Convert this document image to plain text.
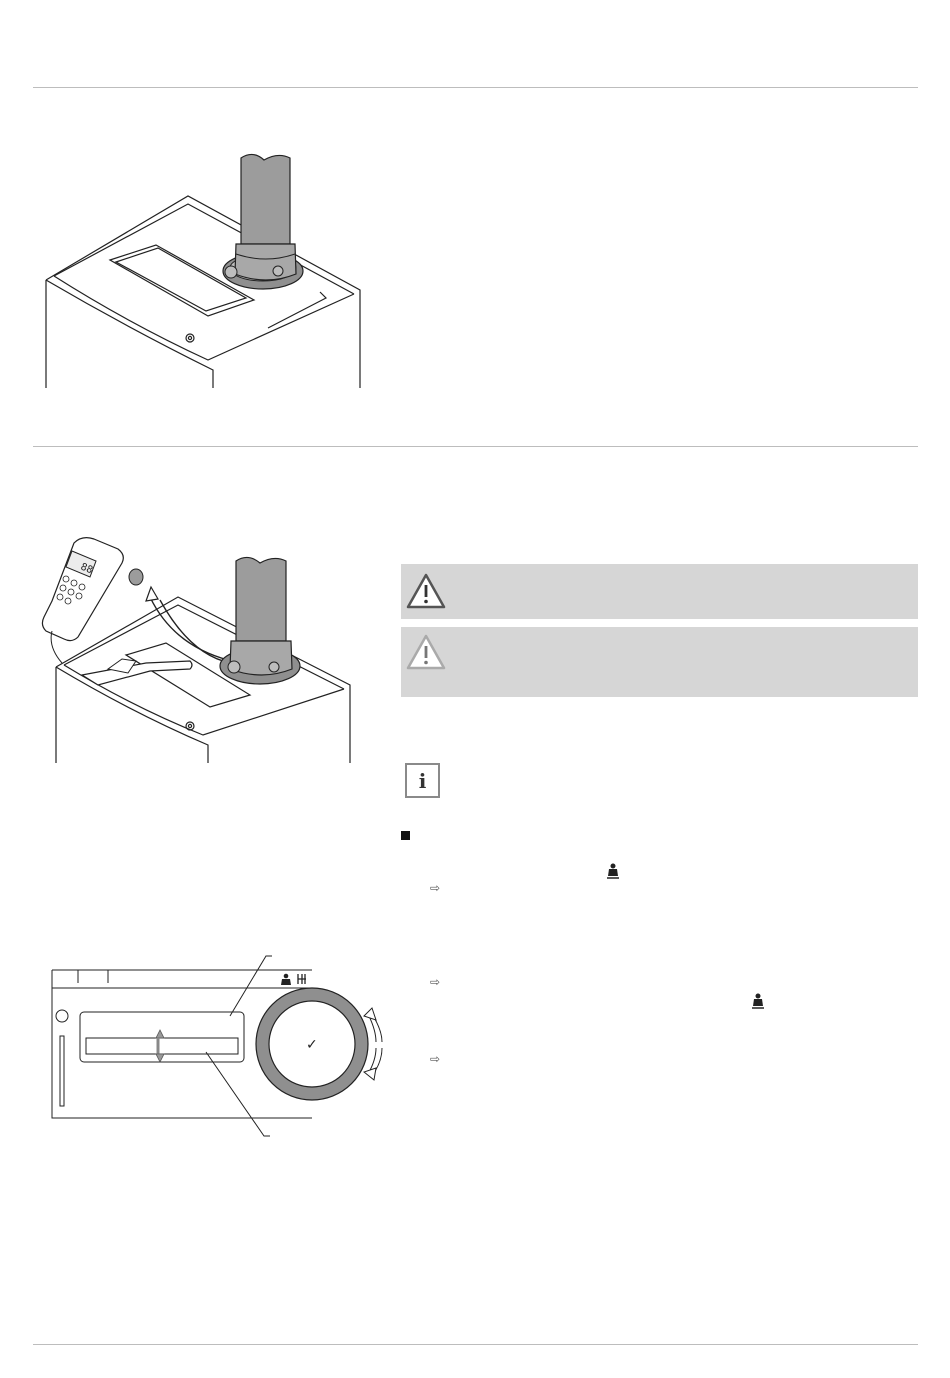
88
i
⇨
⇨
⇨
✓
